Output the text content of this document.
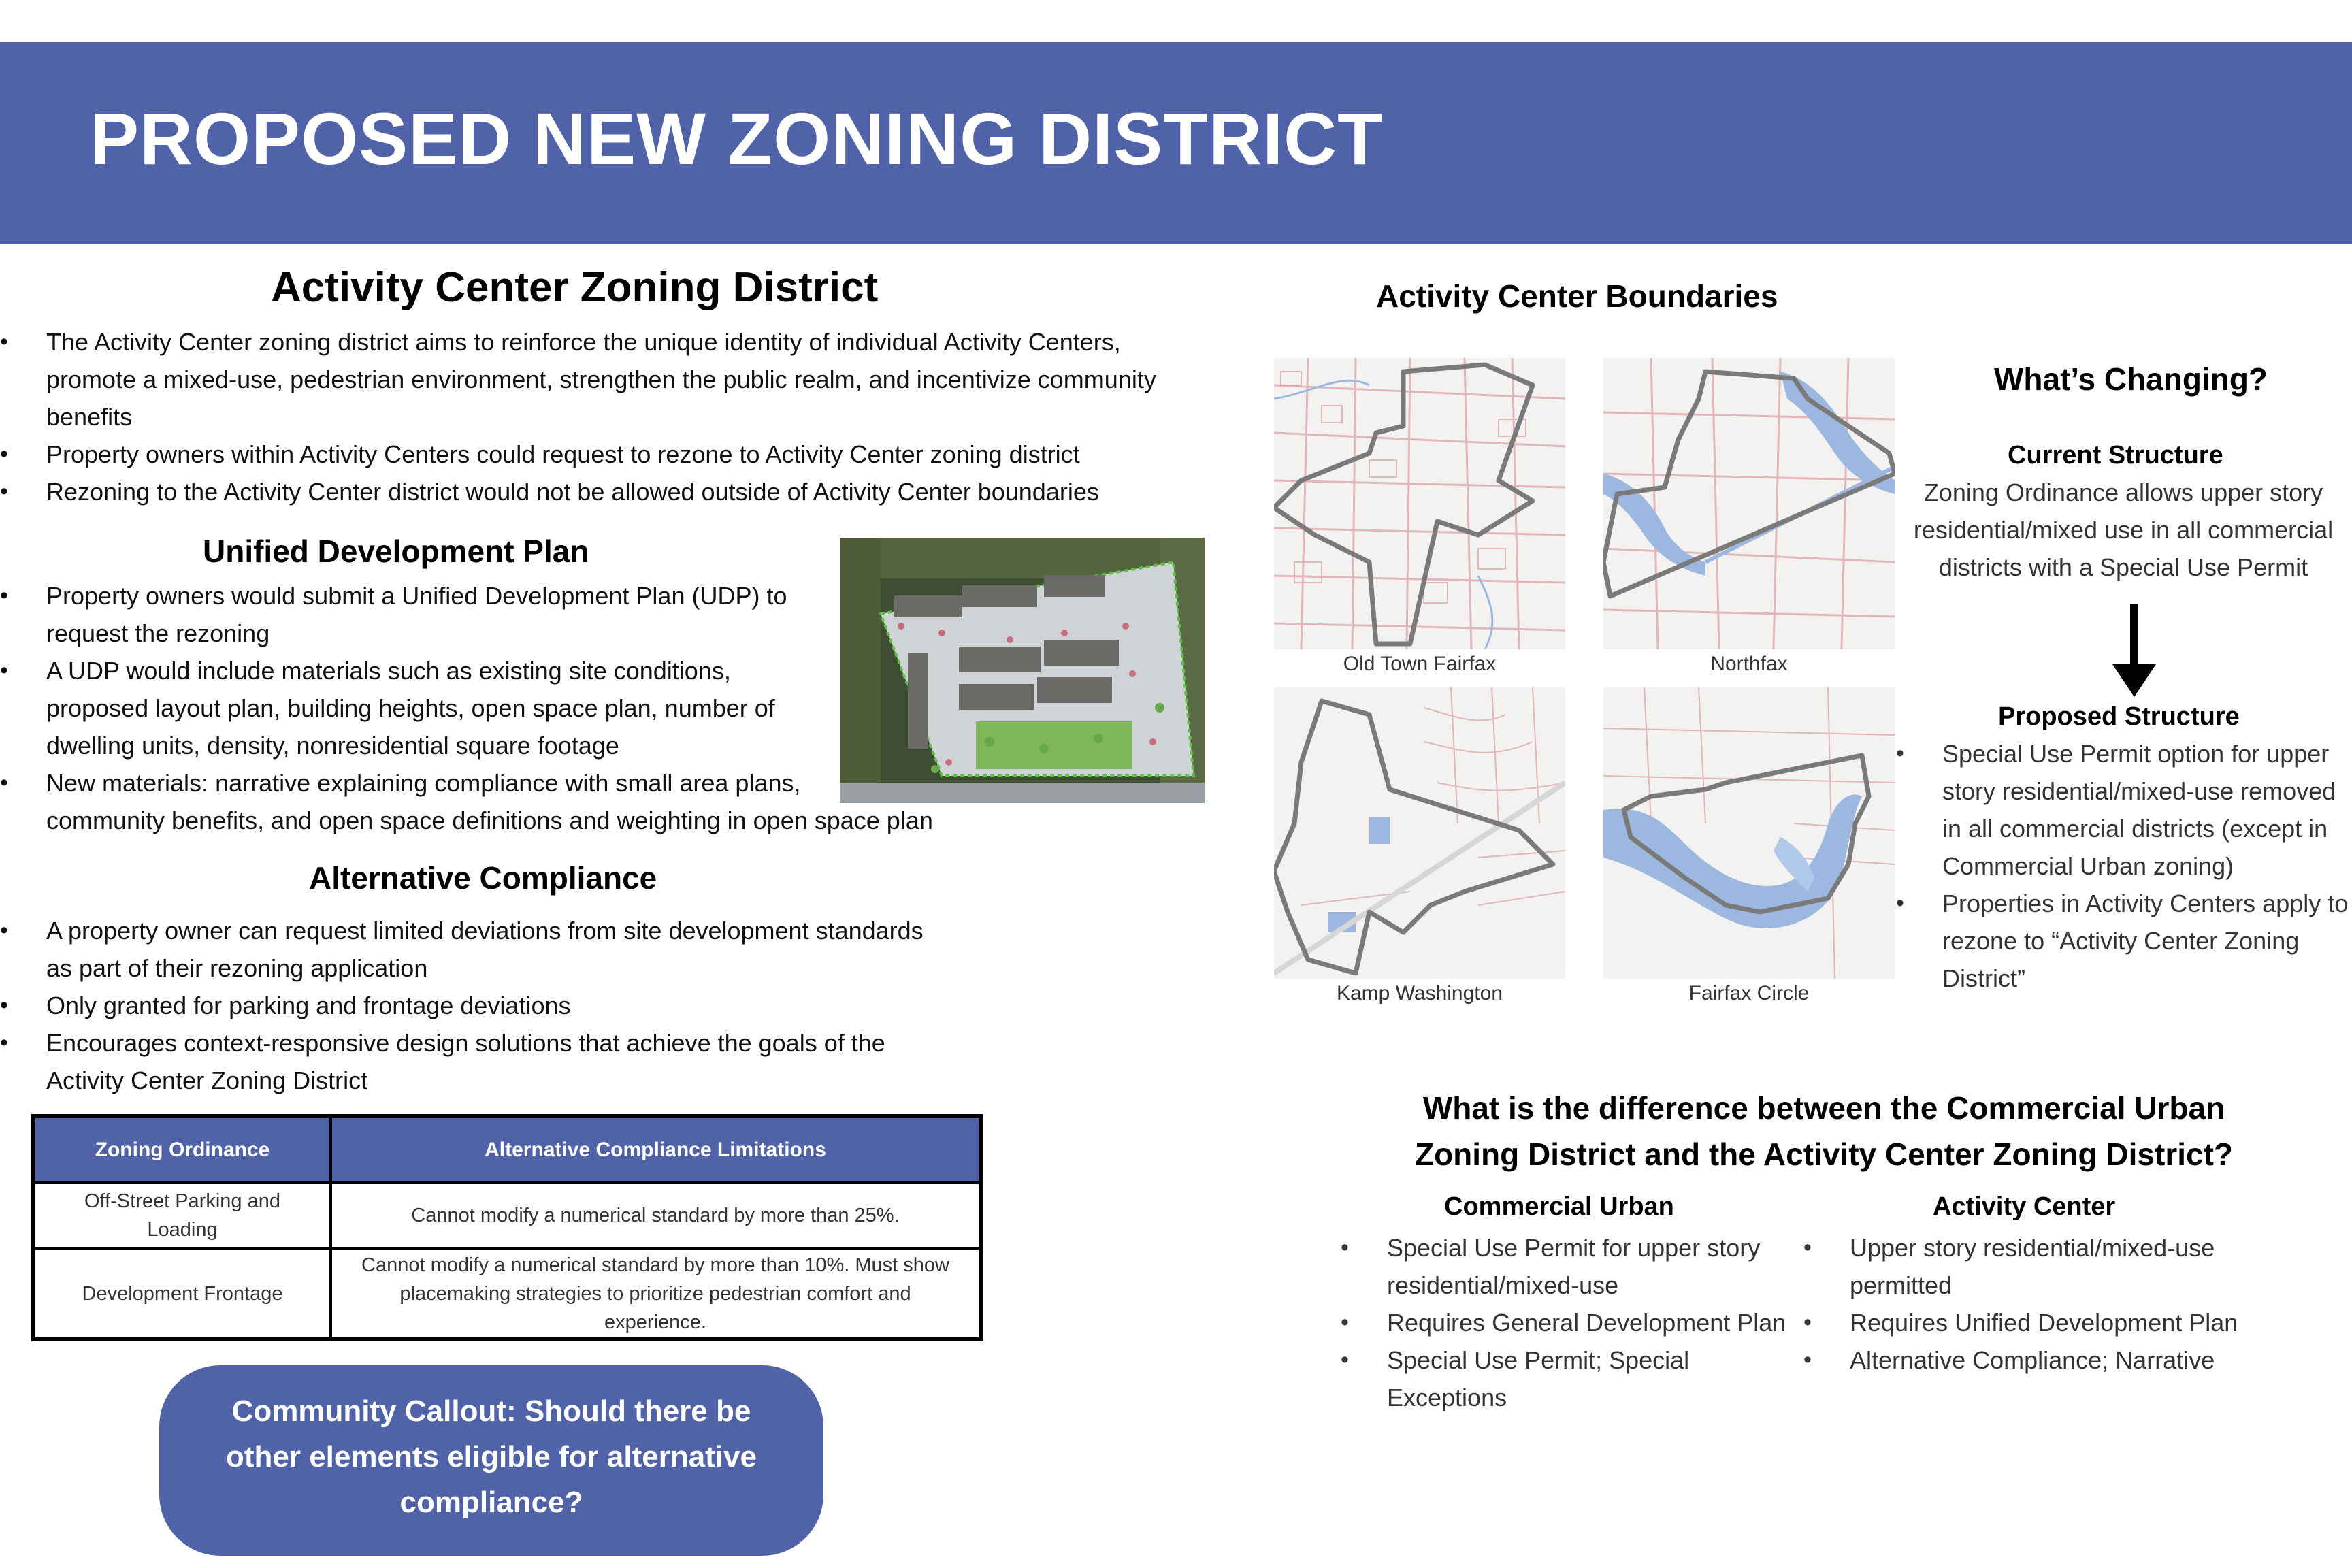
PROPOSED NEW ZONING DISTRICT
Activity Center Zoning District
• The Activity Center zoning district aims to reinforce the unique identity of individual Activity Centers,
promote a mixed-use, pedestrian environment, strengthen the public realm, and incentivize community
benefits
• Property owners within Activity Centers could request to rezone to Activity Center zoning district
• Rezoning to the Activity Center district would not be allowed outside of Activity Center boundaries
Unified Development Plan
• Property owners would submit a Unified Development Plan (UDP) to
request the rezoning
• A UDP would include materials such as existing site conditions,
proposed layout plan, building heights, open space plan, number of
dwelling units, density, nonresidential square footage
• New materials: narrative explaining compliance with small area plans,
community benefits, and open space definitions and weighting in open space plan
Alternative Compliance
• A property owner can request limited deviations from site development standards
as part of their rezoning application
• Only granted for parking and frontage deviations
• Encourages context-responsive design solutions that achieve the goals of the
Activity Center Zoning District
Zoning Ordinance	Alternative Compliance Limitations
Off-Street Parking and Loading	Cannot modify a numerical standard by more than 25%.
Development Frontage	Cannot modify a numerical standard by more than 10%. Must show placemaking strategies to prioritize pedestrian comfort and experience.
Community Callout: Should there be
other elements eligible for alternative
compliance?
Activity Center Boundaries
Old Town Fairfax	Northfax
Kamp Washington	Fairfax Circle
What’s Changing?
Current Structure
Zoning Ordinance allows upper story
residential/mixed use in all commercial
districts with a Special Use Permit
Proposed Structure
• Special Use Permit option for upper
story residential/mixed-use removed
in all commercial districts (except in
Commercial Urban zoning)
• Properties in Activity Centers apply to
rezone to “Activity Center Zoning
District”
What is the difference between the Commercial Urban
Zoning District and the Activity Center Zoning District?
Commercial Urban
• Special Use Permit for upper story
residential/mixed-use
• Requires General Development Plan
• Special Use Permit; Special Exceptions
Activity Center
• Upper story residential/mixed-use
permitted
• Requires Unified Development Plan
• Alternative Compliance; Narrative
